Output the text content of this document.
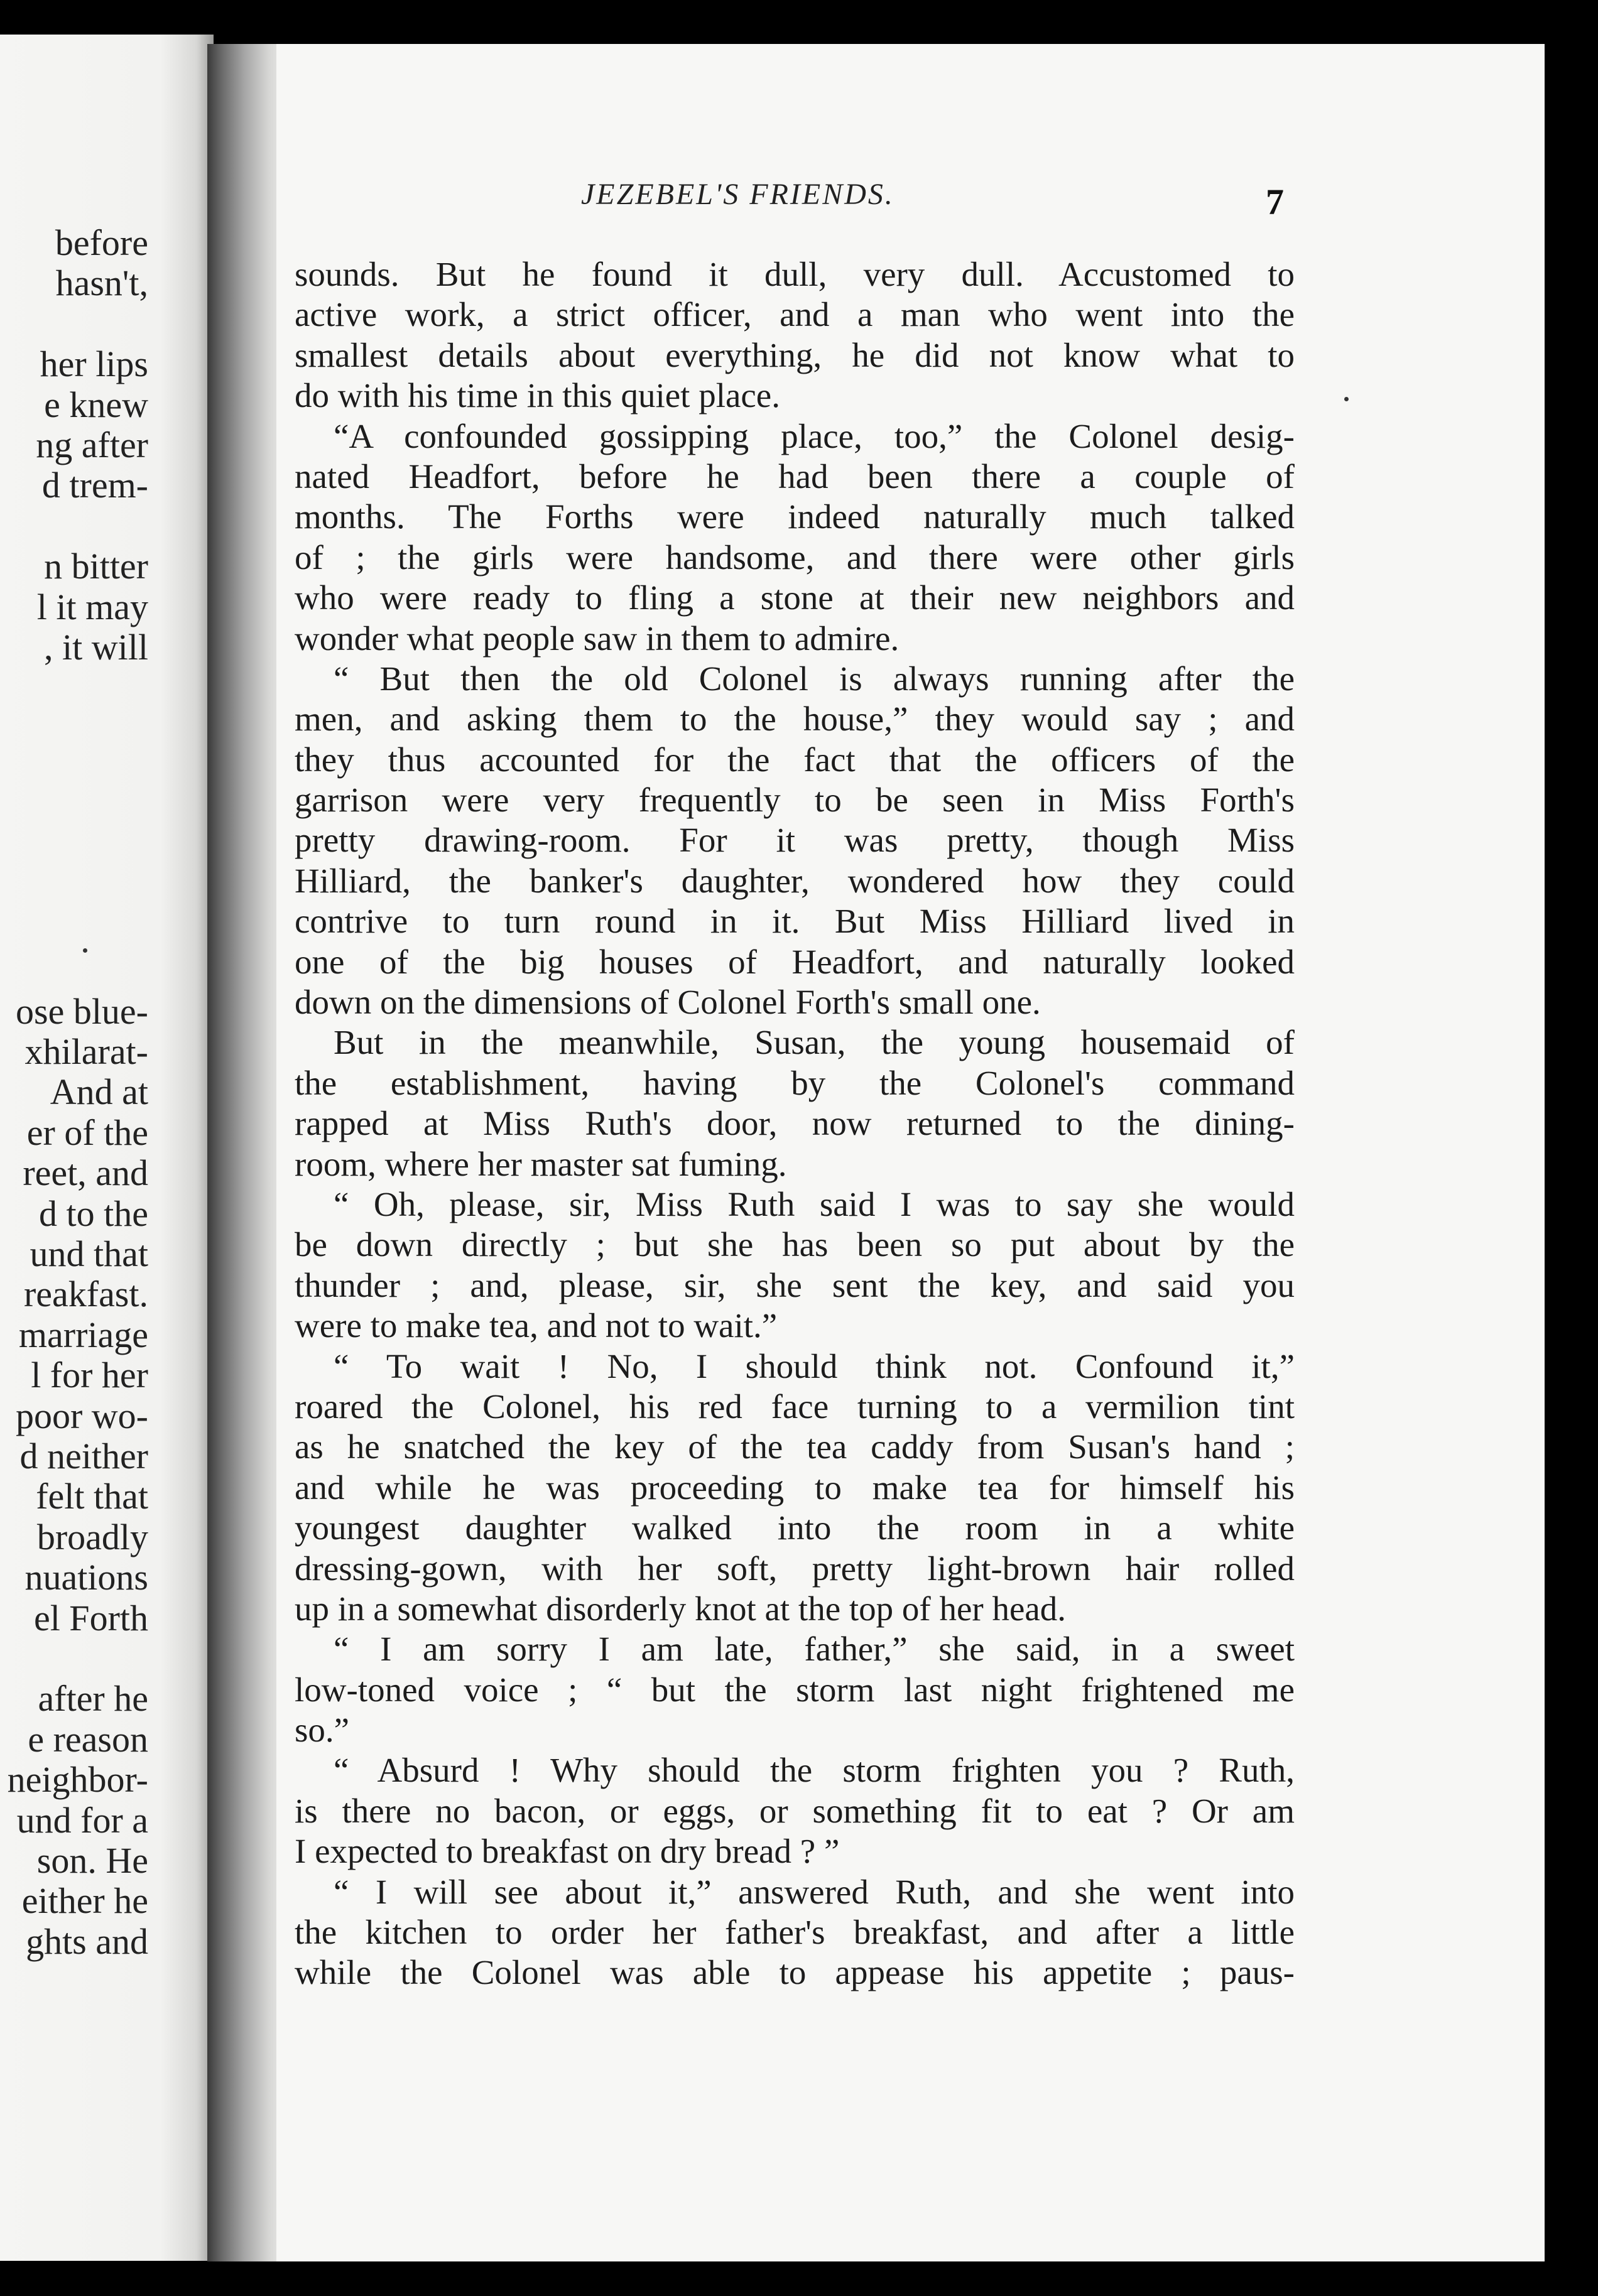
before
hasn't,
her lips
e knew
ng after
d trem-
n bitter
l it may
, it will
ose blue-
xhilarat-
And at
er of the
reet, and
d to the
und that
reakfast.
marriage
l for her
poor wo-
d neither
felt that
broadly
nuations
el Forth
after he
e reason
neighbor-
und for a
son. He
either he
ghts and
JEZEBEL'S FRIENDS.	7
sounds. But he found it dull, very dull. Accustomed to
active work, a strict officer, and a man who went into the
smallest details about everything, he did not know what to
do with his time in this quiet place.
“A confounded gossipping place, too,” the Colonel desig-
nated Headfort, before he had been there a couple of
months. The Forths were indeed naturally much talked
of ; the girls were handsome, and there were other girls
who were ready to fling a stone at their new neighbors and
wonder what people saw in them to admire.
“ But then the old Colonel is always running after the
men, and asking them to the house,” they would say ; and
they thus accounted for the fact that the officers of the
garrison were very frequently to be seen in Miss Forth's
pretty drawing-room. For it was pretty, though Miss
Hilliard, the banker's daughter, wondered how they could
contrive to turn round in it. But Miss Hilliard lived in
one of the big houses of Headfort, and naturally looked
down on the dimensions of Colonel Forth's small one.
But in the meanwhile, Susan, the young housemaid of
the establishment, having by the Colonel's command
rapped at Miss Ruth's door, now returned to the dining-
room, where her master sat fuming.
“ Oh, please, sir, Miss Ruth said I was to say she would
be down directly ; but she has been so put about by the
thunder ; and, please, sir, she sent the key, and said you
were to make tea, and not to wait.”
“ To wait ! No, I should think not. Confound it,”
roared the Colonel, his red face turning to a vermilion tint
as he snatched the key of the tea caddy from Susan's hand ;
and while he was proceeding to make tea for himself his
youngest daughter walked into the room in a white
dressing-gown, with her soft, pretty light-brown hair rolled
up in a somewhat disorderly knot at the top of her head.
“ I am sorry I am late, father,” she said, in a sweet
low-toned voice ; “ but the storm last night frightened me
so.”
“ Absurd ! Why should the storm frighten you ? Ruth,
is there no bacon, or eggs, or something fit to eat ? Or am
I expected to breakfast on dry bread ? ”
“ I will see about it,” answered Ruth, and she went into
the kitchen to order her father's breakfast, and after a little
while the Colonel was able to appease his appetite ; paus-
